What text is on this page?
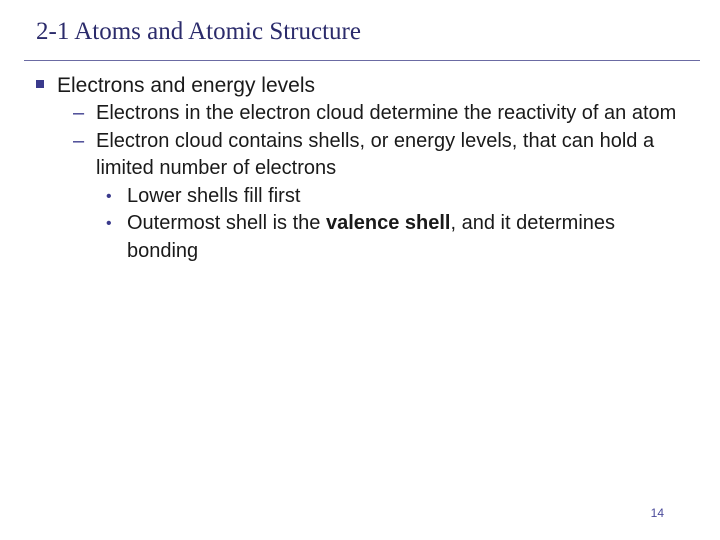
2-1 Atoms and Atomic Structure

Electrons and energy levels

– Electrons in the electron cloud determine the reactivity of an atom

– Electron cloud contains shells, or energy levels, that can hold a limited number of electrons

• Lower shells fill first

• Outermost shell is the valence shell, and it determines bonding

14
